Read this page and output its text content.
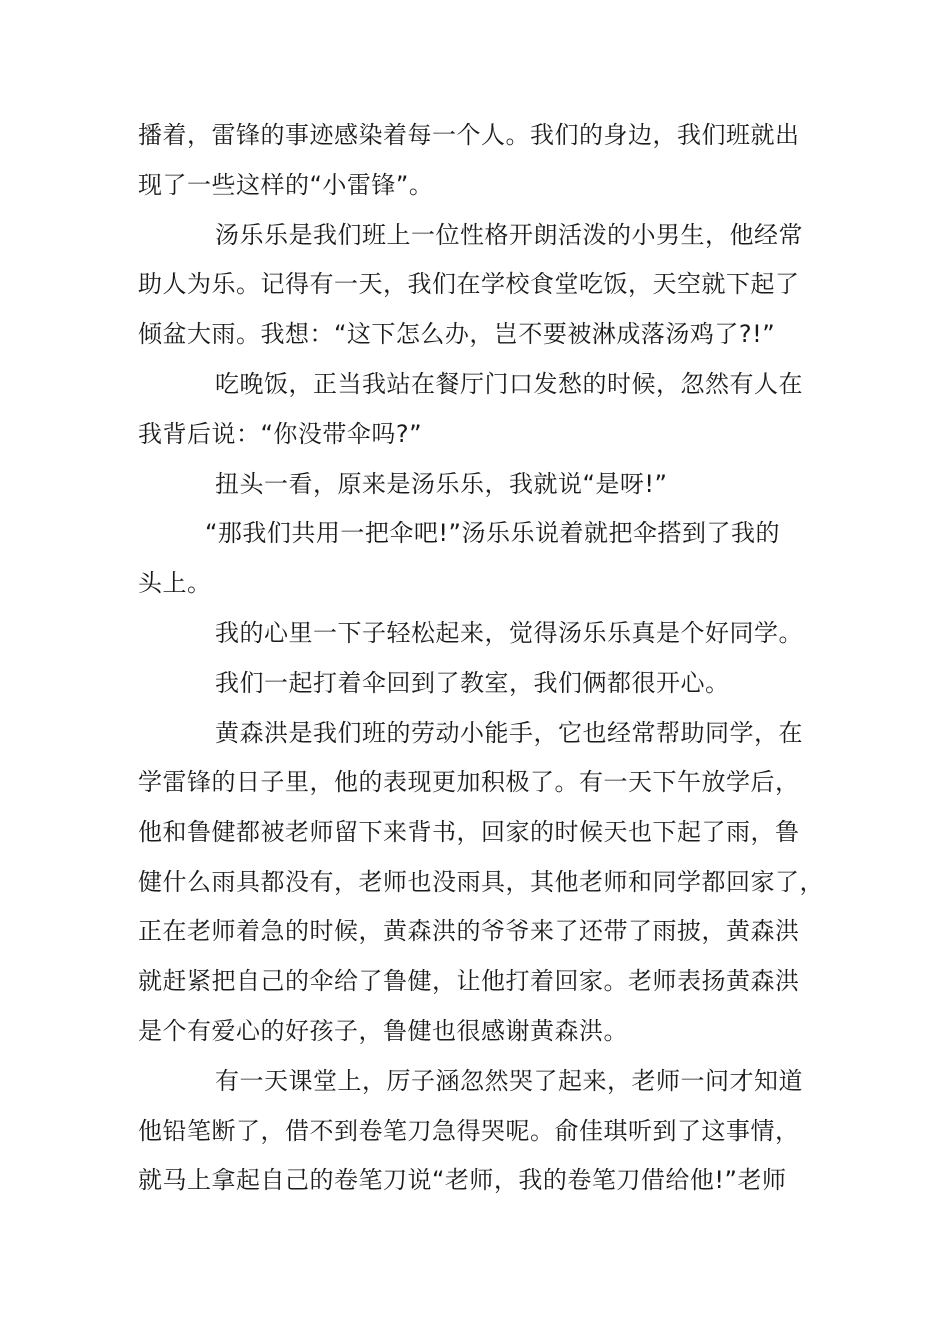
播着，雷锋的事迹感染着每一个人。我们的身边，我们班就出
现了一些这样的“小雷锋”。
汤乐乐是我们班上一位性格开朗活泼的小男生，他经常
助人为乐。记得有一天，我们在学校食堂吃饭，天空就下起了
倾盆大雨。我想：“这下怎么办，岂不要被淋成落汤鸡了?!”
吃晚饭，正当我站在餐厅门口发愁的时候，忽然有人在
我背后说：“你没带伞吗?”
扭头一看，原来是汤乐乐，我就说“是呀!”
“那我们共用一把伞吧!”汤乐乐说着就把伞搭到了我的
头上。
我的心里一下子轻松起来，觉得汤乐乐真是个好同学。
我们一起打着伞回到了教室，我们俩都很开心。
黄森洪是我们班的劳动小能手，它也经常帮助同学，在
学雷锋的日子里，他的表现更加积极了。有一天下午放学后，
他和鲁健都被老师留下来背书，回家的时候天也下起了雨，鲁
健什么雨具都没有，老师也没雨具，其他老师和同学都回家了，
正在老师着急的时候，黄森洪的爷爷来了还带了雨披，黄森洪
就赶紧把自己的伞给了鲁健，让他打着回家。老师表扬黄森洪
是个有爱心的好孩子，鲁健也很感谢黄森洪。
有一天课堂上，厉子涵忽然哭了起来，老师一问才知道
他铅笔断了，借不到卷笔刀急得哭呢。俞佳琪听到了这事情，
就马上拿起自己的卷笔刀说“老师，我的卷笔刀借给他!”老师
